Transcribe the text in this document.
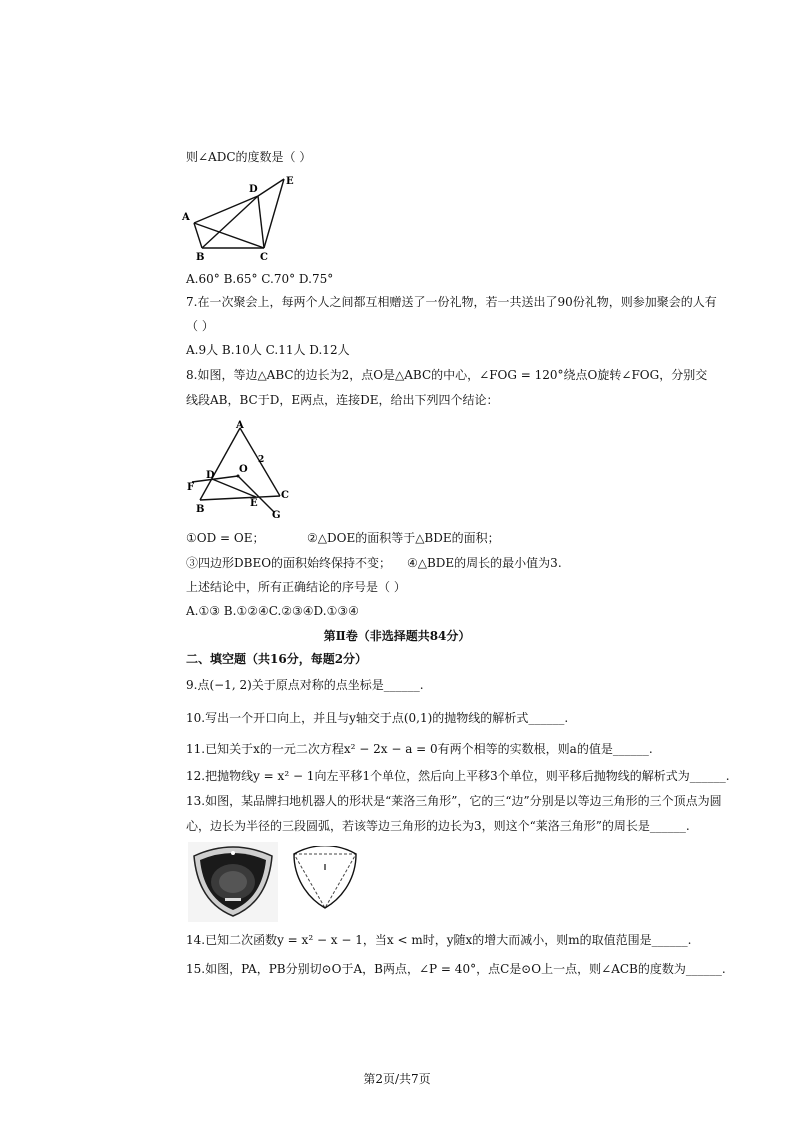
则∠ADC的度数是（ ）
A
B	C
D
E
A.60° B.65° C.70° D.75°
7.在一次聚会上，每两个人之间都互相赠送了一份礼物，若一共送出了90份礼物，则参加聚会的人有
（ ）
A.9人 B.10人 C.11人 D.12人
8.如图，等边△ABC的边长为2，点O是△ABC的中心，∠FOG = 120°绕点O旋转∠FOG，分别交
线段AB，BC于D，E两点，连接DE，给出下列四个结论：
A
2
O
D
F
B
E
C
G
①OD = OE；	②△DOE的面积等于△BDE的面积；
③四边形DBEO的面积始终保持不变； ④△BDE的周长的最小值为3.
上述结论中，所有正确结论的序号是（ ）
A.①③ B.①②④C.②③④D.①③④
第Ⅱ卷（非选择题共84分）
二、填空题（共16分，每题2分）
9.点(−1, 2)关于原点对称的点坐标是______.
10.写出一个开口向上，并且与y轴交于点(0,1)的抛物线的解析式______.
11.已知关于x的一元二次方程x² − 2x − a = 0有两个相等的实数根，则a的值是______.
12.把抛物线y = x² − 1向左平移1个单位，然后向上平移3个单位，则平移后抛物线的解析式为______.
13.如图，某品牌扫地机器人的形状是“莱洛三角形”，它的三“边”分别是以等边三角形的三个顶点为圆
心，边长为半径的三段圆弧，若该等边三角形的边长为3，则这个“莱洛三角形”的周长是______.
14.已知二次函数y = x² − x − 1，当x < m时，y随x的增大而减小，则m的取值范围是______.
15.如图，PA，PB分别切⊙O于A，B两点，∠P = 40°，点C是⊙O上一点，则∠ACB的度数为______.
第2页/共7页
